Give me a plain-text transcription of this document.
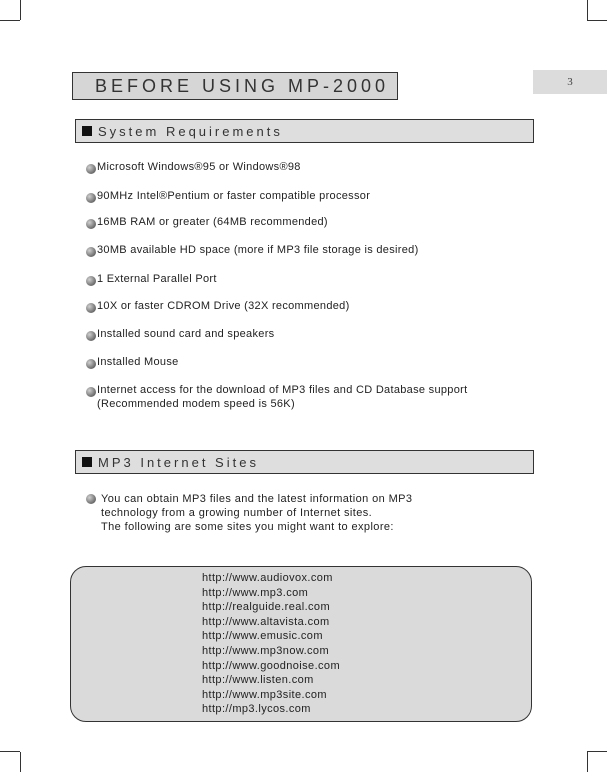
3
BEFORE USING MP-2000
System Requirements
Microsoft Windows®95 or Windows®98
90MHz Intel®Pentium or faster compatible processor
16MB RAM or greater (64MB recommended)
30MB available HD space (more if MP3 file storage is desired)
1 External Parallel Port
10X or faster CDROM Drive (32X recommended)
Installed sound card and speakers
Installed Mouse
Internet access for the download of MP3 files and CD Database support
(Recommended modem speed is 56K)
MP3 Internet Sites
You can obtain MP3 files and the latest information on MP3
technology from a growing number of Internet sites.
The following are some sites you might want to explore:
http://www.audiovox.com
http://www.mp3.com
http://realguide.real.com
http://www.altavista.com
http://www.emusic.com
http://www.mp3now.com
http://www.goodnoise.com
http://www.listen.com
http://www.mp3site.com
http://mp3.lycos.com
